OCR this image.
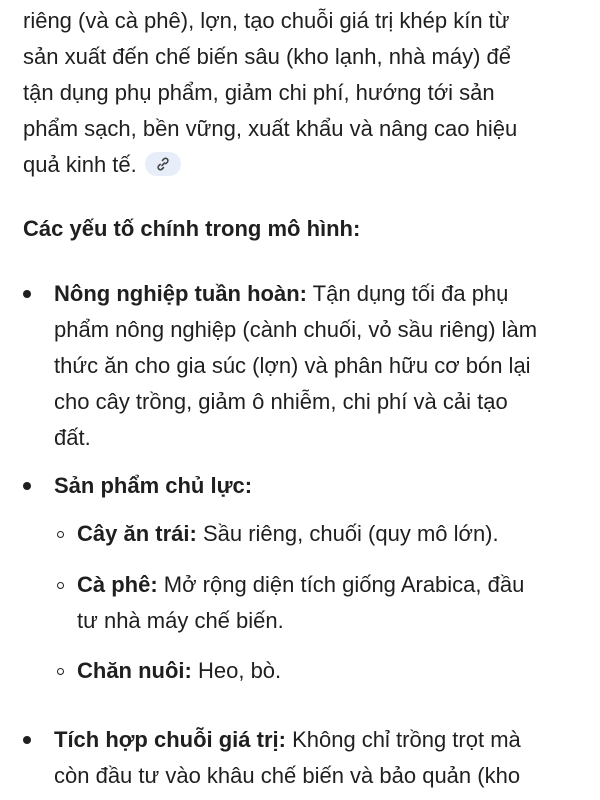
riêng (và cà phê), lợn, tạo chuỗi giá trị khép kín từ
sản xuất đến chế biến sâu (kho lạnh, nhà máy) để
tận dụng phụ phẩm, giảm chi phí, hướng tới sản
phẩm sạch, bền vững, xuất khẩu và nâng cao hiệu
quả kinh tế.
Các yếu tố chính trong mô hình:
Nông nghiệp tuần hoàn: Tận dụng tối đa phụ
phẩm nông nghiệp (cành chuối, vỏ sầu riêng) làm
thức ăn cho gia súc (lợn) và phân hữu cơ bón lại
cho cây trồng, giảm ô nhiễm, chi phí và cải tạo
đất.
Sản phẩm chủ lực:
Cây ăn trái: Sầu riêng, chuối (quy mô lớn).
Cà phê: Mở rộng diện tích giống Arabica, đầu
tư nhà máy chế biến.
Chăn nuôi: Heo, bò.
Tích hợp chuỗi giá trị: Không chỉ trồng trọt mà
còn đầu tư vào khâu chế biến và bảo quản (kho
